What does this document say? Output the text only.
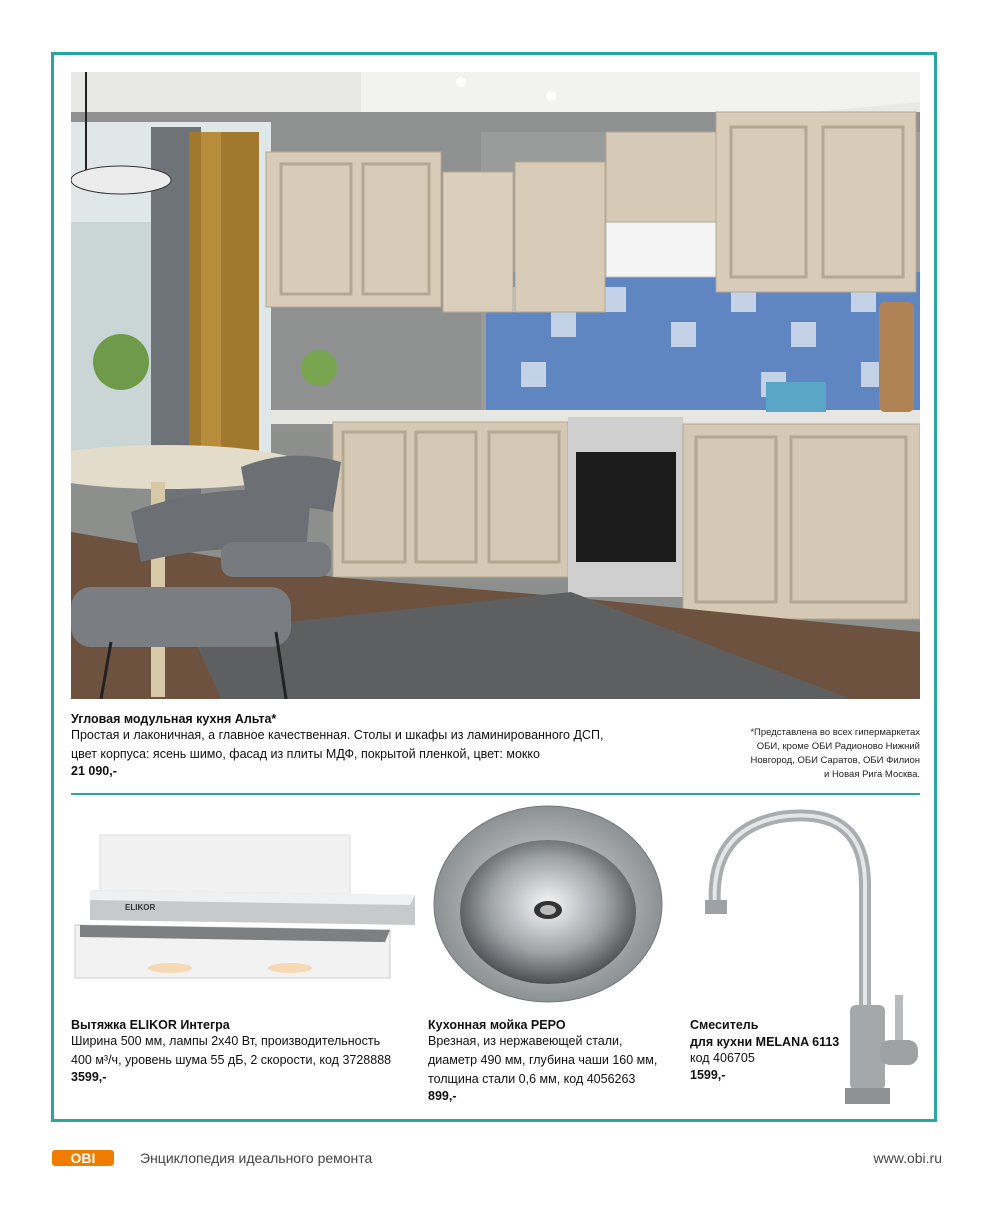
Угловая модульная кухня Альта*
Простая и лаконичная, а главное качественная. Столы и шкафы из ламинированного ДСП,
цвет корпуса: ясень шимо, фасад из плиты МДФ, покрытой пленкой, цвет: мокко
21 090,-
*Представлена во всех гипермаркетах
ОБИ, кроме ОБИ Радионово Нижний
Новгород, ОБИ Саратов, ОБИ Филион
и Новая Рига Москва.
ELIKOR
Вытяжка ELIKOR Интегра
Ширина 500 мм, лампы 2х40 Вт, производительность
400 м³/ч, уровень шума 55 дБ, 2 скорости, код 3728888
3599,-
Кухонная мойка PEPO
Врезная, из нержавеющей стали,
диаметр 490 мм, глубина чаши 160 мм,
толщина стали 0,6 мм, код 4056263
899,-
Смеситель
для кухни MELANA 6113
код 406705
1599,-
OBI	Энциклопедия идеального ремонта	www.obi.ru
